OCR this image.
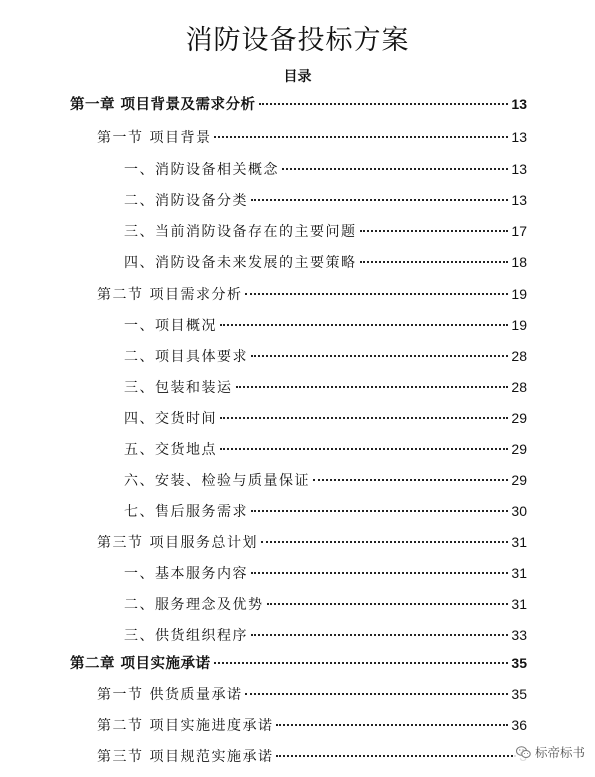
消防设备投标方案
目录
第一章 项目背景及需求分析	13
第一节 项目背景	13
一、消防设备相关概念	13
二、消防设备分类	13
三、当前消防设备存在的主要问题	17
四、消防设备未来发展的主要策略	18
第二节 项目需求分析	19
一、项目概况	19
二、项目具体要求	28
三、包装和装运	28
四、交货时间	29
五、交货地点	29
六、安装、检验与质量保证	29
七、售后服务需求	30
第三节 项目服务总计划	31
一、基本服务内容	31
二、服务理念及优势	31
三、供货组织程序	33
第二章 项目实施承诺	35
第一节 供货质量承诺	35
第二节 项目实施进度承诺	36
第三节 项目规范实施承诺	标帝标书
